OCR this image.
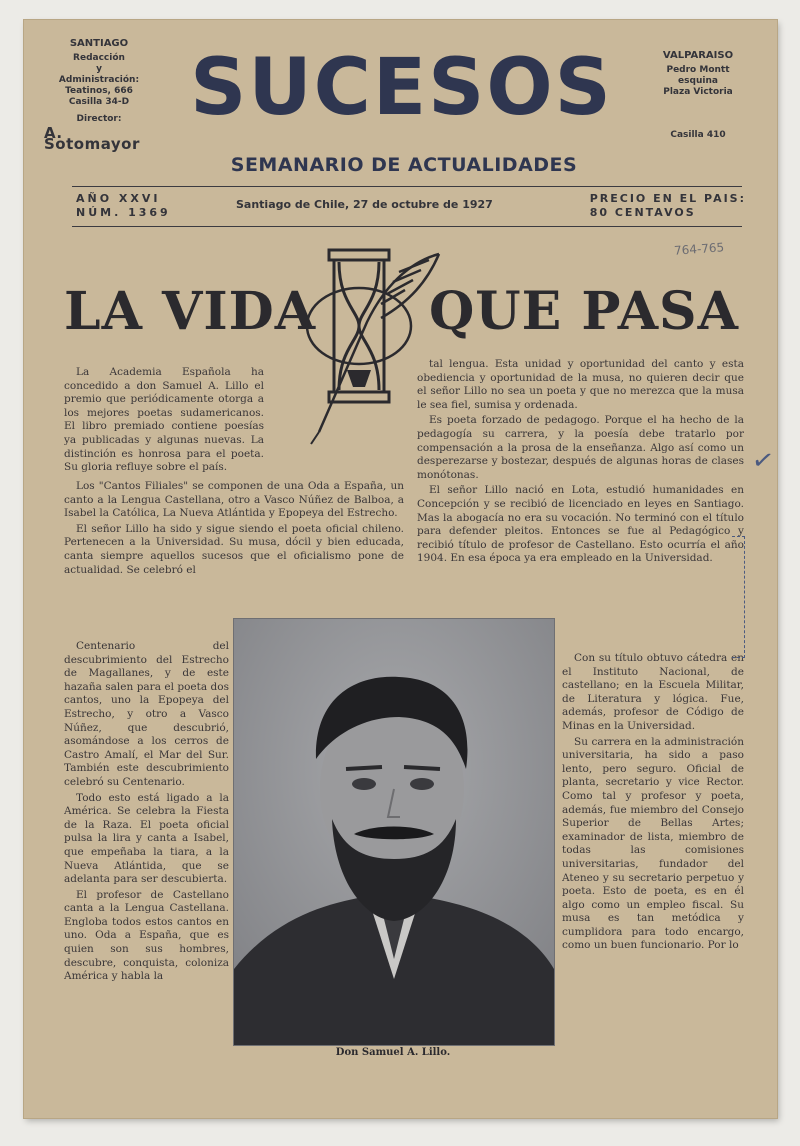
SANTIAGO
Redacción
y
Administración:
Teatinos, 666
Casilla 34-D
Director:
A. Sotomayor
SUCESOS
SEMANARIO DE ACTUALIDADES
VALPARAISO
Pedro Montt
esquina
Plaza Victoria
Casilla 410
AÑO XXVI
NÚM. 1369
Santiago de Chile, 27 de octubre de 1927	PRECIO EN EL PAIS:
80 CENTAVOS
764-765
LA VIDA QUE PASA

La Academia Española ha concedido a don Samuel A. Lillo el premio que periódicamente otorga a los mejores poetas sudamericanos. El libro premiado contiene poesías ya publicadas y algunas nuevas. La distinción es honrosa para el poeta. Su gloria refluye sobre el país.

Los "Cantos Filiales" se componen de una Oda a España, un canto a la Lengua Castellana, otro a Vasco Núñez de Balboa, a Isabel la Católica, La Nueva Atlántida y Epopeya del Estrecho.

El señor Lillo ha sido y sigue siendo el poeta oficial chileno. Pertenecen a la Universidad. Su musa, dócil y bien educada, canta siempre aquellos sucesos que el oficialismo pone de actualidad. Se celebró el

Centenario del descubrimiento del Estrecho de Magallanes, y de este hazaña salen para el poeta dos cantos, uno la Epopeya del Estrecho, y otro a Vasco Núñez, que descubrió, asomándose a los cerros de Castro Amalí, el Mar del Sur. También este descubrimiento celebró su Centenario.

Todo esto está ligado a la América. Se celebra la Fiesta de la Raza. El poeta oficial pulsa la lira y canta a Isabel, que empeñaba la tiara, a la Nueva Atlántida, que se adelanta para ser descubierta.

El profesor de Castellano canta a la Lengua Castellana. Engloba todos estos cantos en uno. Oda a España, que es quien son sus hombres, descubre, conquista, coloniza América y habla la

tal lengua. Esta unidad y oportunidad del canto y esta obediencia y oportunidad de la musa, no quieren decir que el señor Lillo no sea un poeta y que no merezca que la musa le sea fiel, sumisa y ordenada.

Es poeta forzado de pedagogo. Porque el ha hecho de la pedagogía su carrera, y la poesía debe tratarlo por compensación a la prosa de la enseñanza. Algo así como un desperezarse y bostezar, después de algunas horas de clases monótonas.

El señor Lillo nació en Lota, estudió humanidades en Concepción y se recibió de licenciado en leyes en Santiago. Mas la abogacía no era su vocación. No terminó con el título para defender pleitos. Entonces se fue al Pedagógico y recibió título de profesor de Castellano. Esto ocurría el año 1904. En esa época ya era empleado en la Universidad.

Con su título obtuvo cátedra en el Instituto Nacional, de castellano; en la Escuela Militar, de Literatura y lógica. Fue, además, profesor de Código de Minas en la Universidad.

Su carrera en la administración universitaria, ha sido a paso lento, pero seguro. Oficial de planta, secretario y vice Rector. Como tal y profesor y poeta, además, fue miembro del Consejo Superior de Bellas Artes; examinador de lista, miembro de todas las comisiones universitarias, fundador del Ateneo y su secretario perpetuo y poeta. Esto de poeta, es en él algo como un empleo fiscal. Su musa es tan metódica y cumplidora para todo encargo, como un buen funcionario. Por lo

Don Samuel A. Lillo.
✓
